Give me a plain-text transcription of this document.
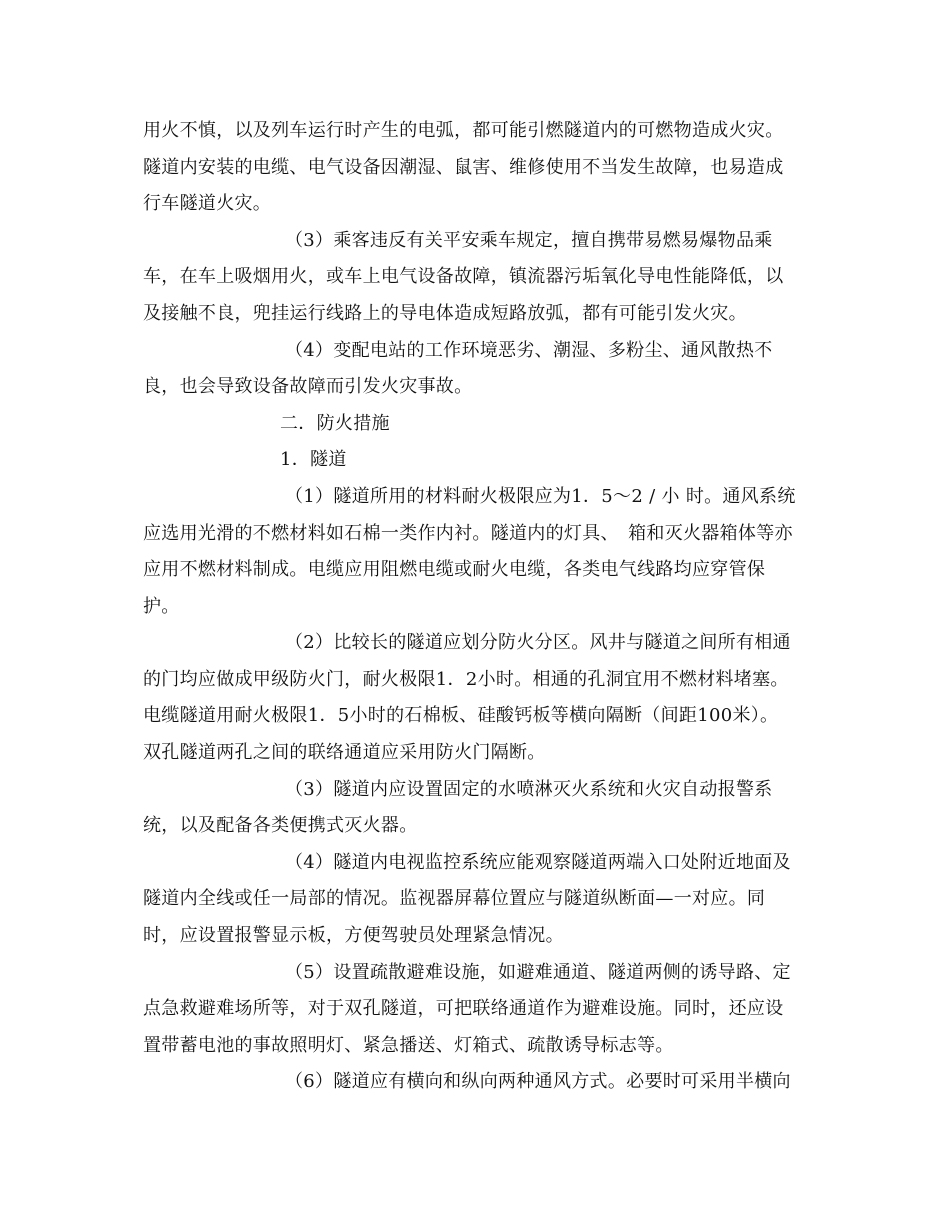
用火不慎，以及列车运行时产生的电弧，都可能引燃隧道内的可燃物造成火灾。
隧道内安装的电缆、电气设备因潮湿、鼠害、维修使用不当发生故障，也易造成
行车隧道火灾。
（3）乘客违反有关平安乘车规定，擅自携带易燃易爆物品乘
车，在车上吸烟用火，或车上电气设备故障，镇流器污垢氧化导电性能降低，以
及接触不良，兜挂运行线路上的导电体造成短路放弧，都有可能引发火灾。
（4）变配电站的工作环境恶劣、潮湿、多粉尘、通风散热不
良，也会导致设备故障而引发火灾事故。
二．防火措施
1．隧道
（1）隧道所用的材料耐火极限应为1．5～2 / 小 时。通风系统
应选用光滑的不燃材料如石棉一类作内衬。隧道内的灯具、　箱和灭火器箱体等亦
应用不燃材料制成。电缆应用阻燃电缆或耐火电缆，各类电气线路均应穿管保
护。
（2）比较长的隧道应划分防火分区。风井与隧道之间所有相通
的门均应做成甲级防火门，耐火极限1．2小时。相通的孔洞宜用不燃材料堵塞。
电缆隧道用耐火极限1．5小时的石棉板、硅酸钙板等横向隔断（间距100米）。
双孔隧道两孔之间的联络通道应采用防火门隔断。
（3）隧道内应设置固定的水喷淋灭火系统和火灾自动报警系
统，以及配备各类便携式灭火器。
（4）隧道内电视监控系统应能观察隧道两端入口处附近地面及
隧道内全线或任一局部的情况。监视器屏幕位置应与隧道纵断面—一对应。同
时，应设置报警显示板，方便驾驶员处理紧急情况。
（5）设置疏散避难设施，如避难通道、隧道两侧的诱导路、定
点急救避难场所等，对于双孔隧道，可把联络通道作为避难设施。同时，还应设
置带蓄电池的事故照明灯、紧急播送、灯箱式、疏散诱导标志等。
（6）隧道应有横向和纵向两种通风方式。必要时可采用半横向
